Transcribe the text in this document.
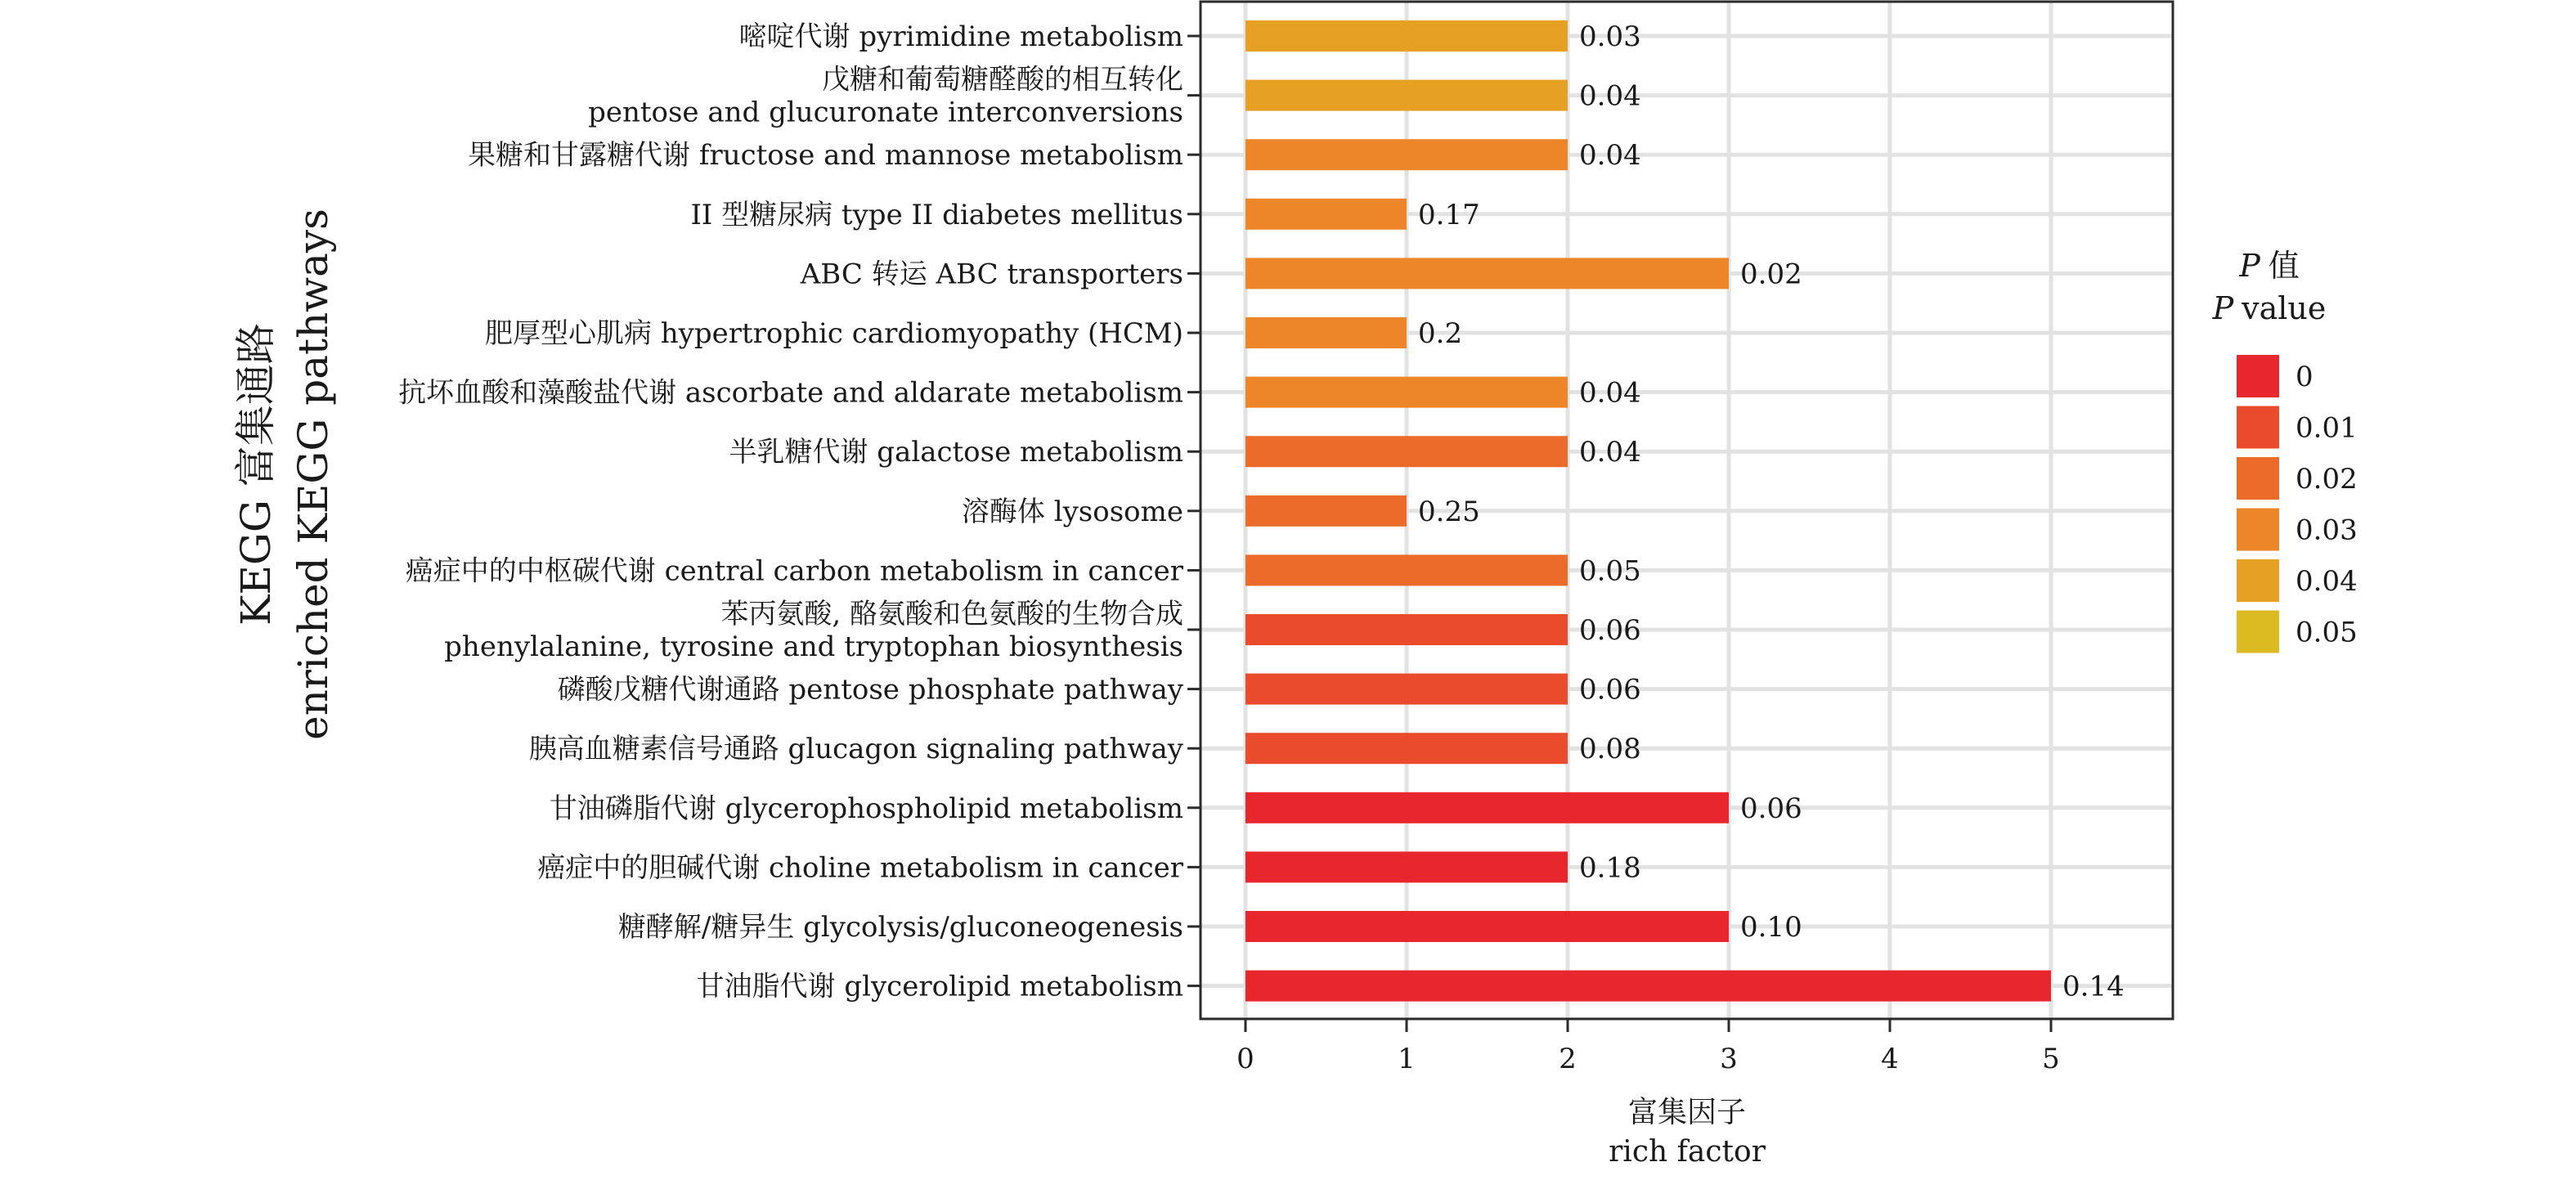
甘油脂代谢 glycerolipid metabolism
糖酵解/糖异生 glycolysis/gluconeogenesis
癌症中的胆碱代谢 choline metabolism in cancer
甘油磷脂代谢 glycerophospholipid metabolism
胰高血糖素信号通路 glucagon signaling pathway
磷酸戊糖代谢通路 pentose phosphate pathway
苯丙氨酸, 酪氨酸和色氨酸的生物合成
phenylalanine, tyrosine and tryptophan biosynthesis
癌症中的中枢碳代谢 central carbon metabolism in cancer
溶酶体 lysosome
半乳糖代谢 galactose metabolism
抗坏血酸和藻酸盐代谢 ascorbate and aldarate metabolism
肥厚型心肌病 hypertrophic cardiomyopathy (HCM)
ABC 转运 ABC transporters
II 型糖尿病 type II diabetes mellitus
果糖和甘露糖代谢 fructose and mannose metabolism
戊糖和葡萄糖醛酸的相互转化
pentose and glucuronate interconversions
嘧啶代谢 pyrimidine metabolism
0.14
0.10
0.18
0.06
0.08
0.06
0.06
0.05
0.25
0.04
0.04
0.2
0.02
0.17
0.04
0.04
0.03
0	1	2	3	4	5
富集因子
rich factor
KEGG 富集通路 enriched KEGG pathways	P 值
P value
0
0.01
0.02
0.03
0.04
0.05
